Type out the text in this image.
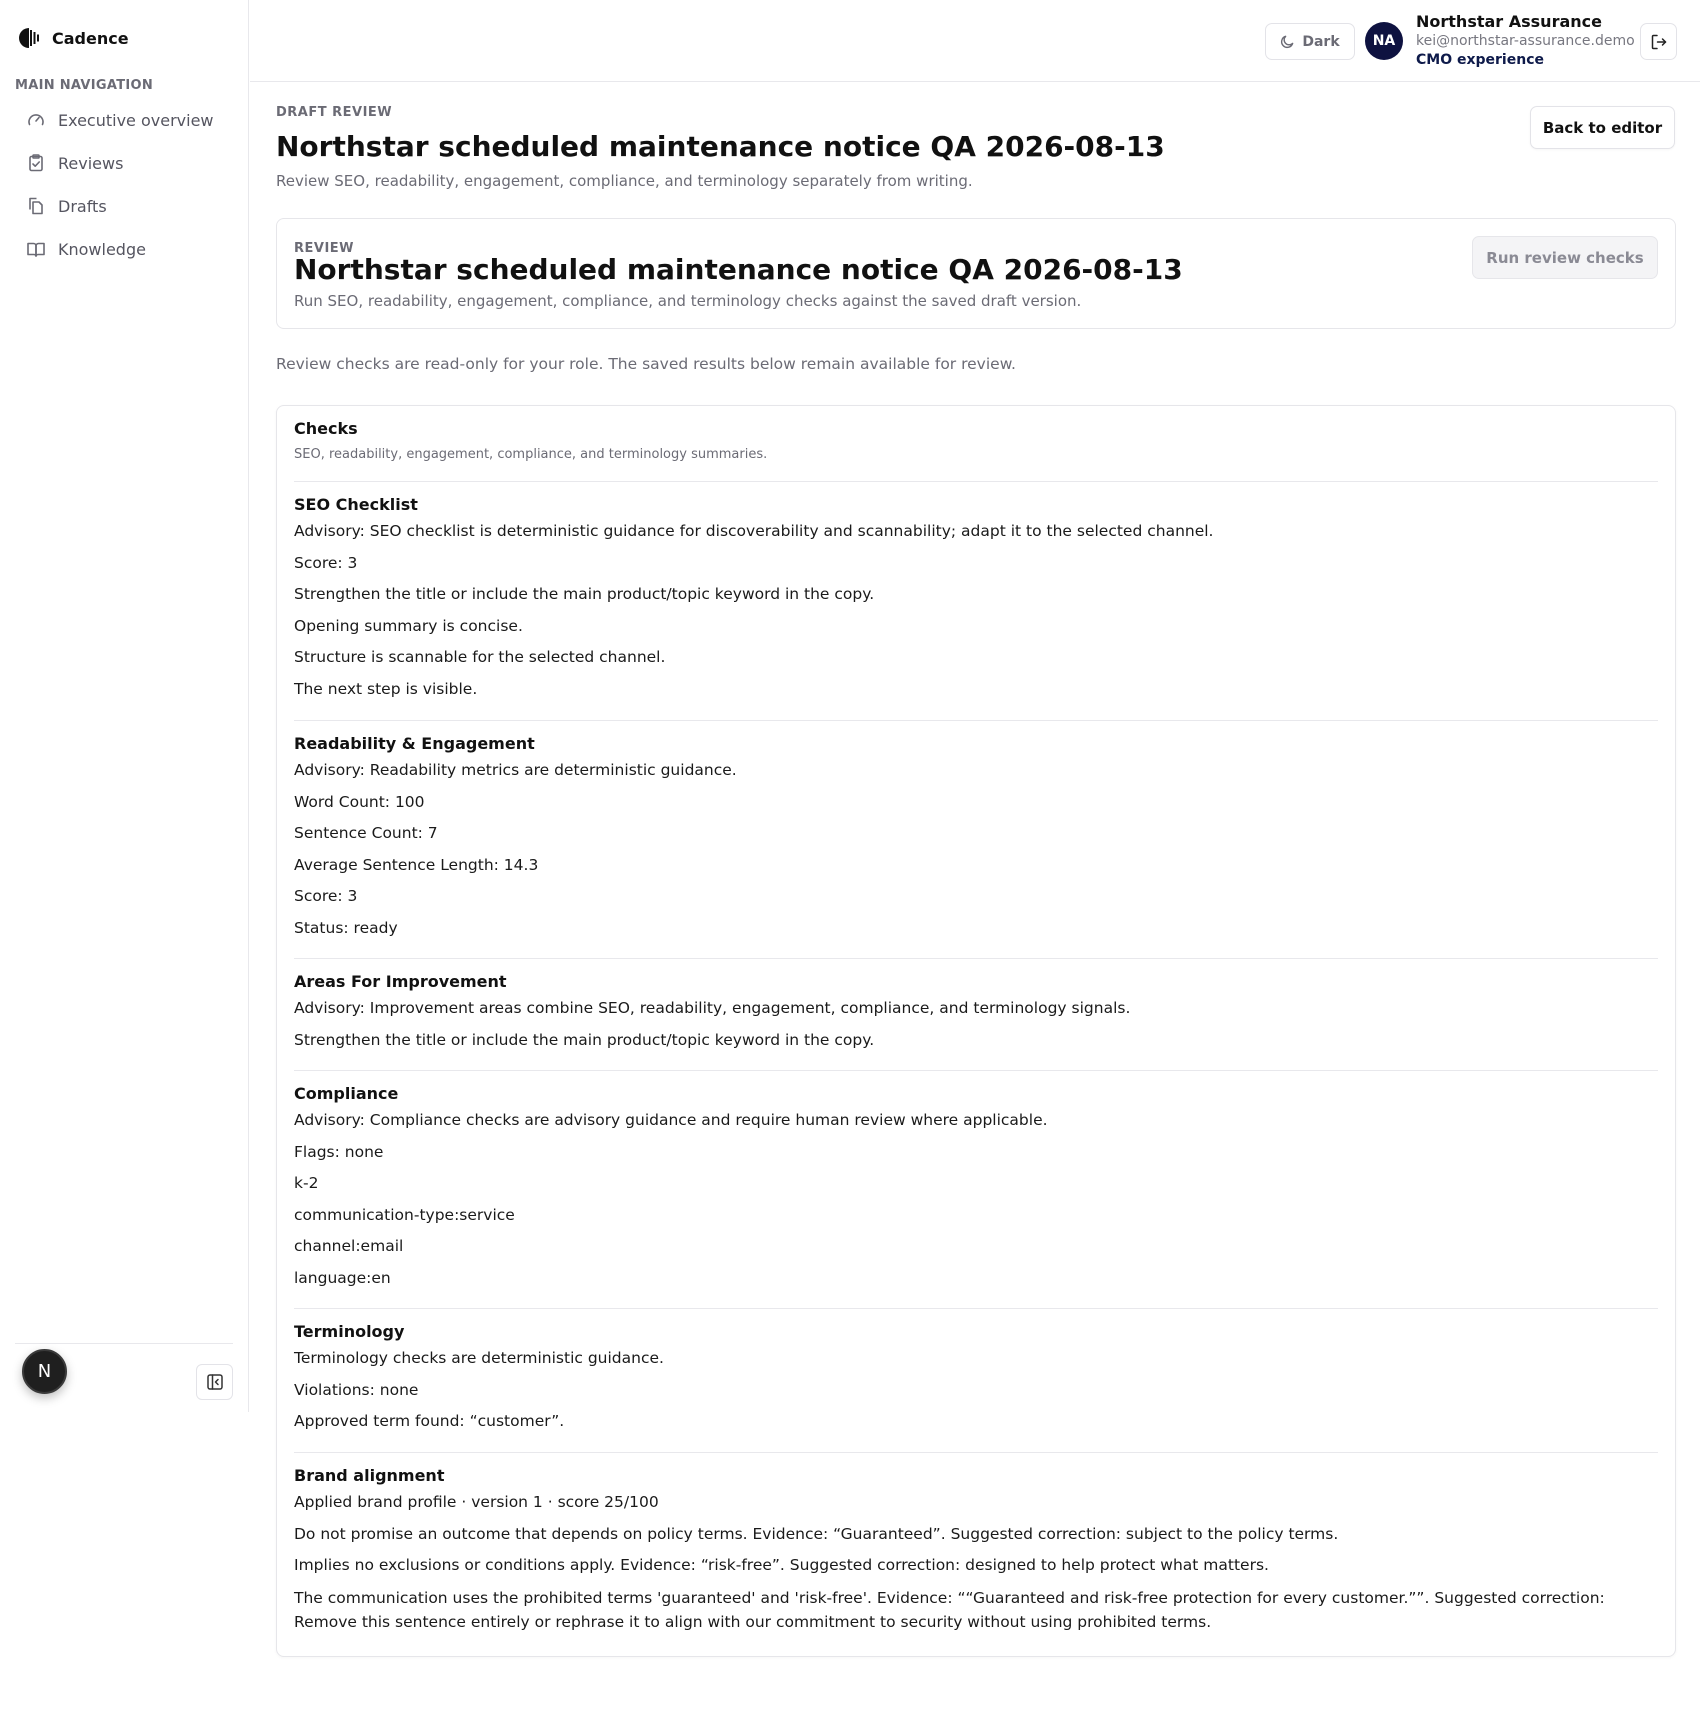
Cadence
MAIN NAVIGATION
Executive overview
Reviews
Drafts
Knowledge
N
Dark	NA
Northstar Assurance
kei@northstar-assurance.demo
CMO experience
DRAFT REVIEW
Northstar scheduled maintenance notice QA 2026-08-13

Review SEO, readability, engagement, compliance, and terminology separately from writing.

Back to editor
REVIEW
Northstar scheduled maintenance notice QA 2026-08-13

Run SEO, readability, engagement, compliance, and terminology checks against the saved draft version.

Run review checks

Review checks are read-only for your role. The saved results below remain available for review.

Checks
SEO, readability, engagement, compliance, and terminology summaries.
SEO Checklist
Advisory: SEO checklist is deterministic guidance for discoverability and scannability; adapt it to the selected channel.
Score: 3
Strengthen the title or include the main product/topic keyword in the copy.
Opening summary is concise.
Structure is scannable for the selected channel.
The next step is visible.
Readability & Engagement
Advisory: Readability metrics are deterministic guidance.
Word Count: 100
Sentence Count: 7
Average Sentence Length: 14.3
Score: 3
Status: ready
Areas For Improvement
Advisory: Improvement areas combine SEO, readability, engagement, compliance, and terminology signals.
Strengthen the title or include the main product/topic keyword in the copy.
Compliance
Advisory: Compliance checks are advisory guidance and require human review where applicable.
Flags: none
k-2
communication-type:service
channel:email
language:en
Terminology
Terminology checks are deterministic guidance.
Violations: none
Approved term found: “customer”.
Brand alignment
Applied brand profile · version 1 · score 25/100
Do not promise an outcome that depends on policy terms. Evidence: “Guaranteed”. Suggested correction: subject to the policy terms.
Implies no exclusions or conditions apply. Evidence: “risk-free”. Suggested correction: designed to help protect what matters.
The communication uses the prohibited terms 'guaranteed' and 'risk-free'. Evidence: ““Guaranteed and risk-free protection for every customer.””. Suggested correction: Remove this sentence entirely or rephrase it to align with our commitment to security without using prohibited terms.
